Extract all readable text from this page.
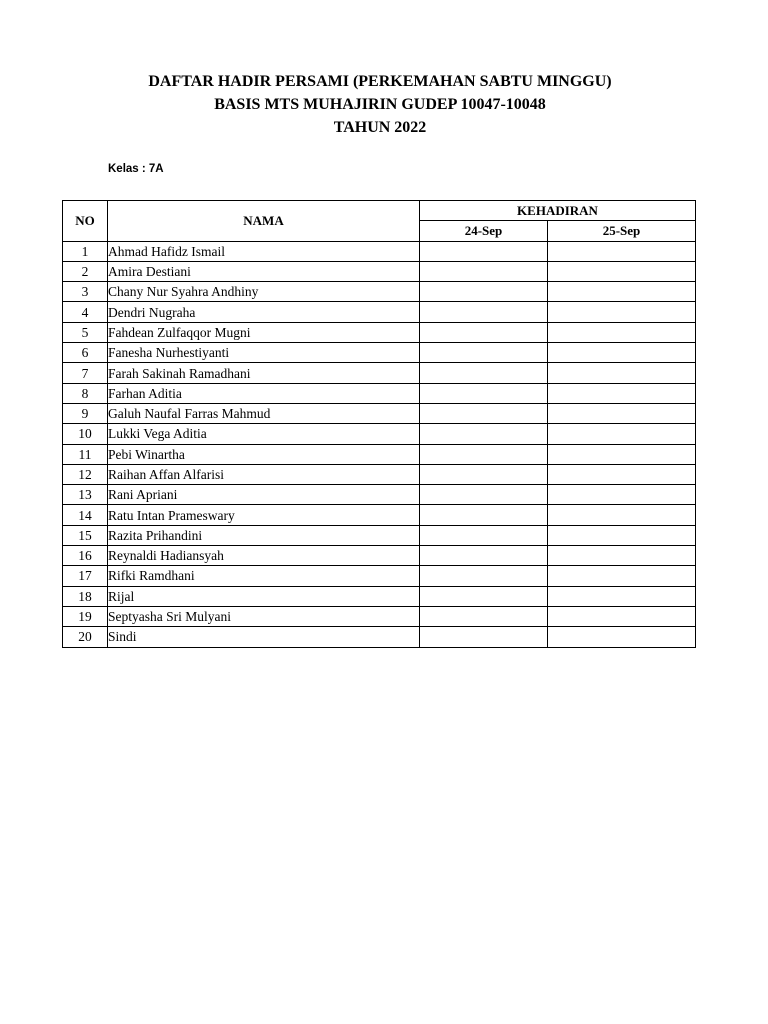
DAFTAR HADIR PERSAMI (PERKEMAHAN SABTU MINGGU)
BASIS MTS MUHAJIRIN GUDEP 10047-10048
TAHUN 2022
Kelas : 7A
NO	NAMA	KEHADIRAN	
		24-Sep	25-Sep
1	Ahmad Hafidz Ismail		
2	Amira Destiani		
3	Chany Nur Syahra Andhiny		
4	Dendri Nugraha		
5	Fahdean Zulfaqqor Mugni		
6	Fanesha Nurhestiyanti		
7	Farah Sakinah Ramadhani		
8	Farhan Aditia		
9	Galuh Naufal Farras Mahmud		
10	Lukki Vega Aditia		
11	Pebi Winartha		
12	Raihan Affan Alfarisi		
13	Rani Apriani		
14	Ratu Intan Prameswary		
15	Razita Prihandini		
16	Reynaldi Hadiansyah		
17	Rifki Ramdhani		
18	Rijal		
19	Septyasha Sri Mulyani		
20	Sindi		
